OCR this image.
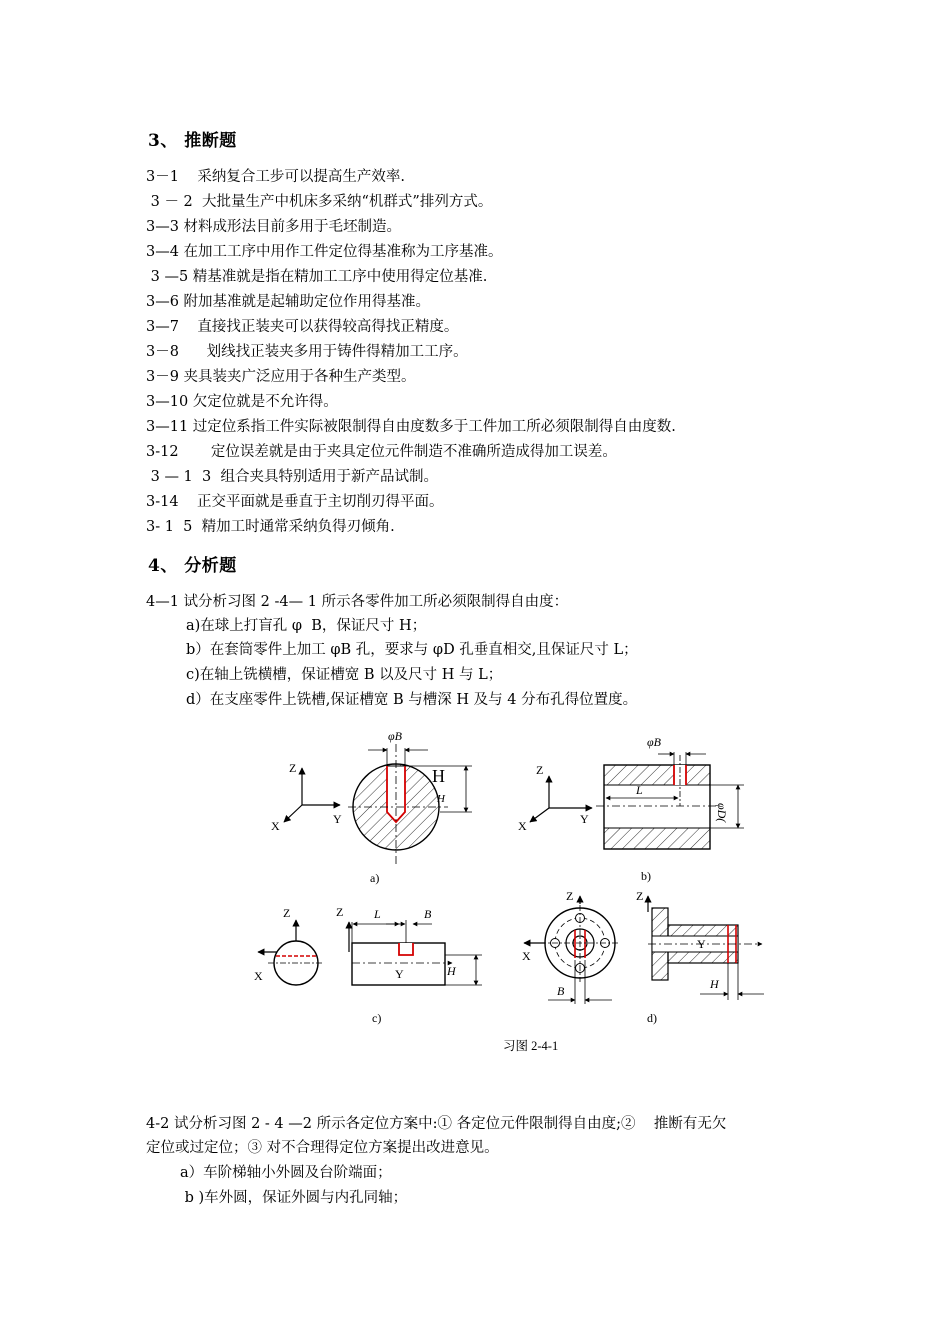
3、 推断题
3－1    采纳复合工步可以提高生产效率.
3 － 2  大批量生产中机床多采纳“机群式”排列方式。
3—3 材料成形法目前多用于毛坯制造。
3—4 在加工工序中用作工件定位得基准称为工序基准。
3 —5 精基准就是指在精加工工序中使用得定位基准.
3—6 附加基准就是起辅助定位作用得基准。
3—7    直接找正装夹可以获得较高得找正精度。
3－8      划线找正装夹多用于铸件得精加工工序。
3－9 夹具装夹广泛应用于各种生产类型。
3—10 欠定位就是不允许得。
3—11 过定位系指工件实际被限制得自由度数多于工件加工所必须限制得自由度数.
3-12       定位误差就是由于夹具定位元件制造不准确所造成得加工误差。
3 — 1  3  组合夹具特别适用于新产品试制。
3-14    正交平面就是垂直于主切削刃得平面。
3- 1  5  精加工时通常采纳负得刃倾角.
4、 分析题
4—1 试分析习图 2 -4— 1 所示各零件加工所必须限制得自由度：
a)在球上打盲孔 φ  B，保证尺寸 H；
b）在套筒零件上加工 φB 孔，要求与 φD 孔垂直相交,且保证尺寸 L；
c)在轴上铣横槽，保证槽宽 B 以及尺寸 H 与 L；
d）在支座零件上铣槽,保证槽宽 B 与槽深 H 及与 4 分布孔得位置度。
Z
Y
X
φB
H
H
a)
Z
Y
X
φB
L
φD(
b)
Z
X
Z
Y
L	B
H
c)
Z
X
B
Z
Y
H
d)
习图 2-4-1
4-2 试分析习图 2 - 4 —2 所示各定位方案中:① 各定位元件限制得自由度;②    推断有无欠
定位或过定位；③ 对不合理得定位方案提出改进意见。
a）车阶梯轴小外圆及台阶端面；
b )车外圆，保证外圆与内孔同轴；
